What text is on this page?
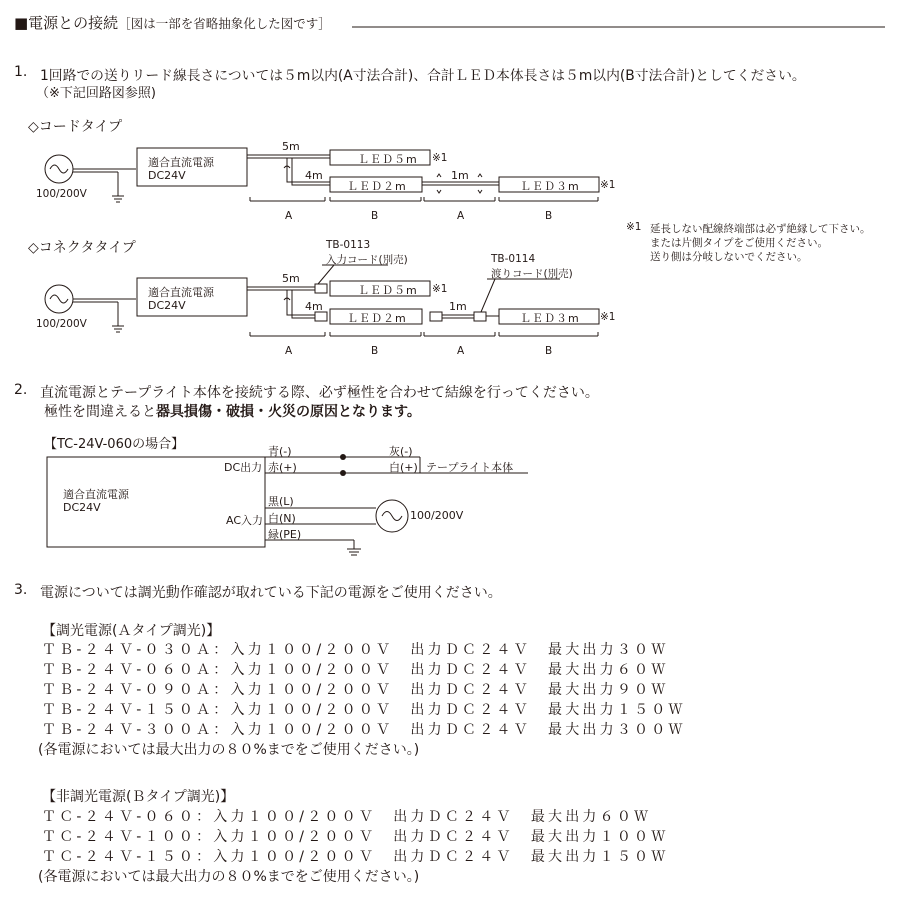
■電源との接続［図は一部を省略抽象化した図です］
1. 1回路での送りリード線長さについては５m以内(A寸法合計)、合計ＬＥＤ本体長さは５m以内(B寸法合計)としてください。
（※下記回路図参照)
◇コードタイプ
適合直流電源
DC24V
100/200V
5m
4m	1m
ＬＥＤ５m
ＬＥＤ２m	ＬＥＤ３m
※1
※1
A	B	A	B
※1 延長しない配線終端部は必ず絶縁して下さい。
または片側タイプをご使用ください。
送り側は分岐しないでください。
◇コネクタタイプ	TB-0113
入力コード(別売)	TB-0114
渡りコード(別売)
適合直流電源
DC24V
100/200V
5m
4m	1m
ＬＥＤ５m
ＬＥＤ２m	ＬＥＤ３m
※1
※1
A	B	A	B
2. 直流電源とテープライト本体を接続する際、必ず極性を合わせて結線を行ってください。
極性を間違えると器具損傷・破損・火災の原因となります。
【TC-24V-060の場合】
適合直流電源
DC24V
DC出力
AC入力
青(-)
赤(+)
灰(-)
白(+) テープライト本体
黒(L)
白(N)
緑(PE)
100/200V
3. 電源については調光動作確認が取れている下記の電源をご使用ください。
【調光電源(Ａタイプ調光)】
ＴＢ-２４Ｖ-０３０Ａ：入力１００/２００Ｖ　出力ＤＣ２４Ｖ　最大出力３０Ｗ
ＴＢ-２４Ｖ-０６０Ａ：入力１００/２００Ｖ　出力ＤＣ２４Ｖ　最大出力６０Ｗ
ＴＢ-２４Ｖ-０９０Ａ：入力１００/２００Ｖ　出力ＤＣ２４Ｖ　最大出力９０Ｗ
ＴＢ-２４Ｖ-１５０Ａ：入力１００/２００Ｖ　出力ＤＣ２４Ｖ　最大出力１５０Ｗ
ＴＢ-２４Ｖ-３００Ａ：入力１００/２００Ｖ　出力ＤＣ２４Ｖ　最大出力３００Ｗ
(各電源においては最大出力の８０%までをご使用ください。)
【非調光電源(Ｂタイプ調光)】
ＴＣ-２４Ｖ-０６０：入力１００/２００Ｖ　出力ＤＣ２４Ｖ　最大出力６０Ｗ
ＴＣ-２４Ｖ-１００：入力１００/２００Ｖ　出力ＤＣ２４Ｖ　最大出力１００Ｗ
ＴＣ-２４Ｖ-１５０：入力１００/２００Ｖ　出力ＤＣ２４Ｖ　最大出力１５０Ｗ
(各電源においては最大出力の８０%までをご使用ください。)
